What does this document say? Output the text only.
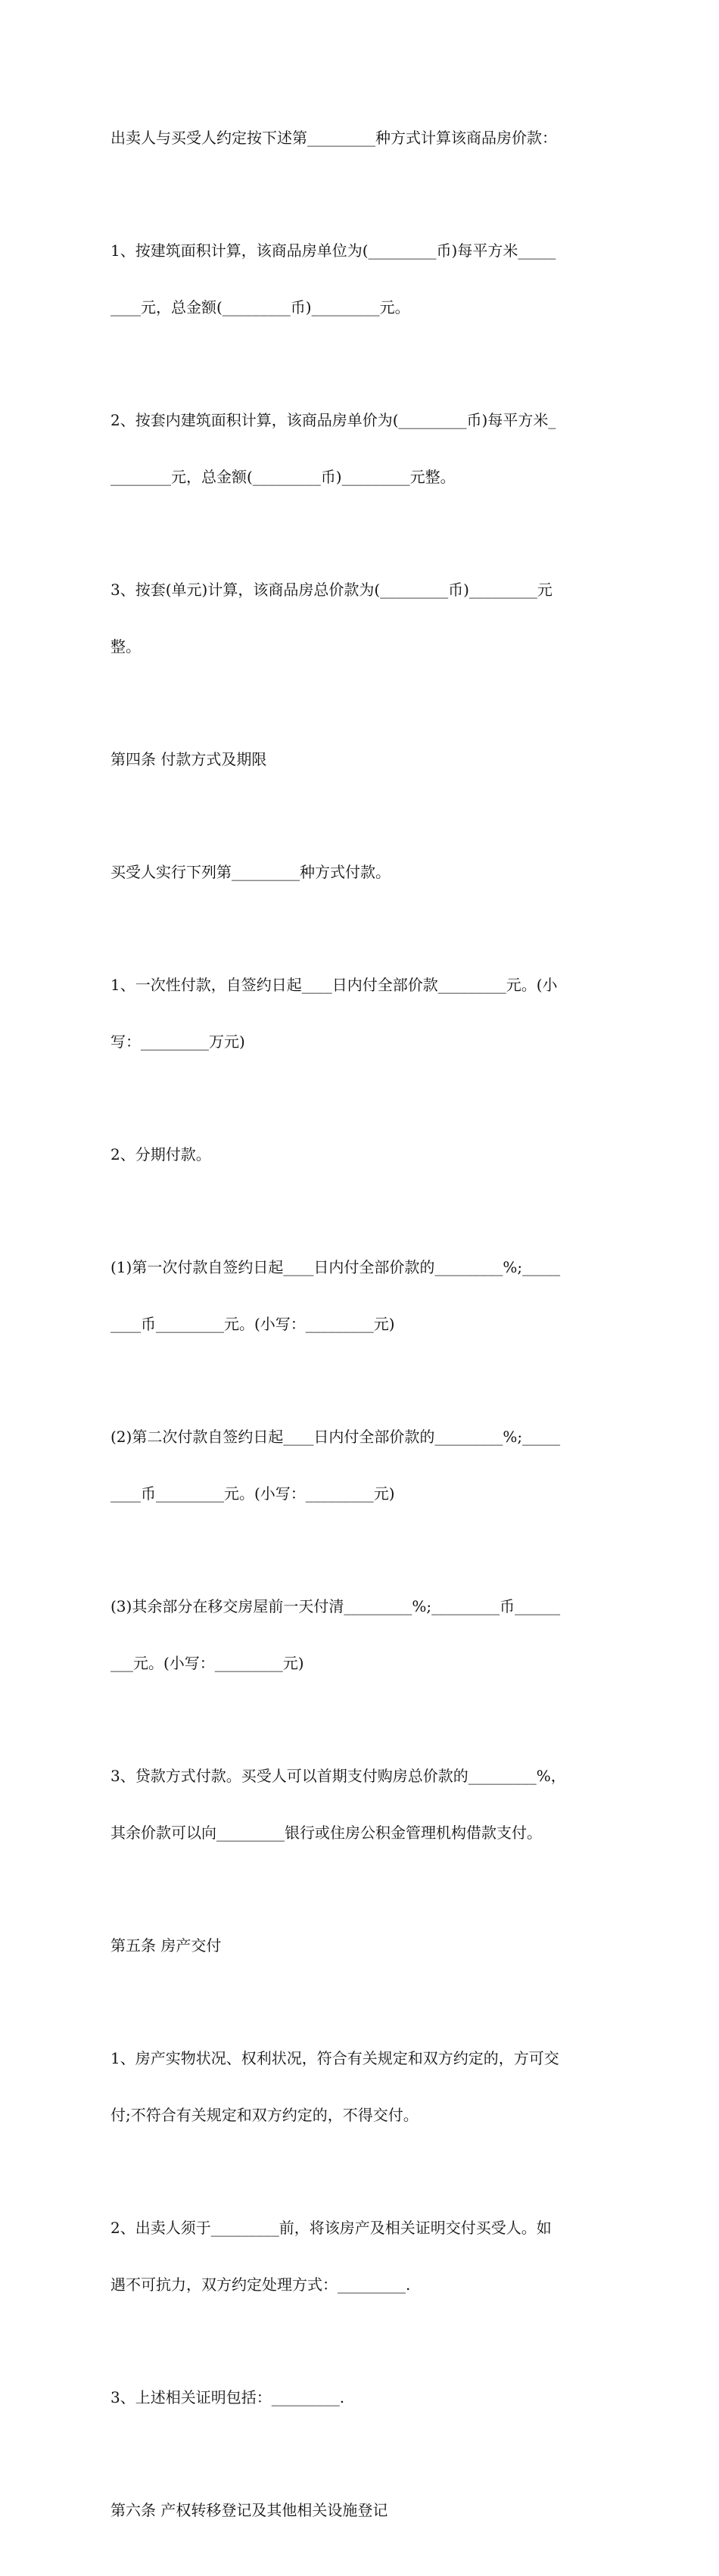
出卖人与买受人约定按下述第_________种方式计算该商品房价款：

1、按建筑面积计算，该商品房单位为(_________币)每平方米_____

____元，总金额(_________币)_________元。

2、按套内建筑面积计算，该商品房单价为(_________币)每平方米_

________元，总金额(_________币)_________元整。

3、按套(单元)计算，该商品房总价款为(_________币)_________元

整。

第四条 付款方式及期限

买受人实行下列第_________种方式付款。

1、一次性付款，自签约日起____日内付全部价款_________元。(小

写：_________万元)

2、分期付款。

(1)第一次付款自签约日起____日内付全部价款的_________%;_____

____币_________元。(小写：_________元)

(2)第二次付款自签约日起____日内付全部价款的_________%;_____

____币_________元。(小写：_________元)

(3)其余部分在移交房屋前一天付清_________%;_________币______

___元。(小写：_________元)

3、贷款方式付款。买受人可以首期支付购房总价款的_________%，

其余价款可以向_________银行或住房公积金管理机构借款支付。

第五条 房产交付

1、房产实物状况、权利状况，符合有关规定和双方约定的，方可交

付;不符合有关规定和双方约定的，不得交付。

2、出卖人须于_________前，将该房产及相关证明交付买受人。如

遇不可抗力，双方约定处理方式：_________.

3、上述相关证明包括：_________.

第六条 产权转移登记及其他相关设施登记
